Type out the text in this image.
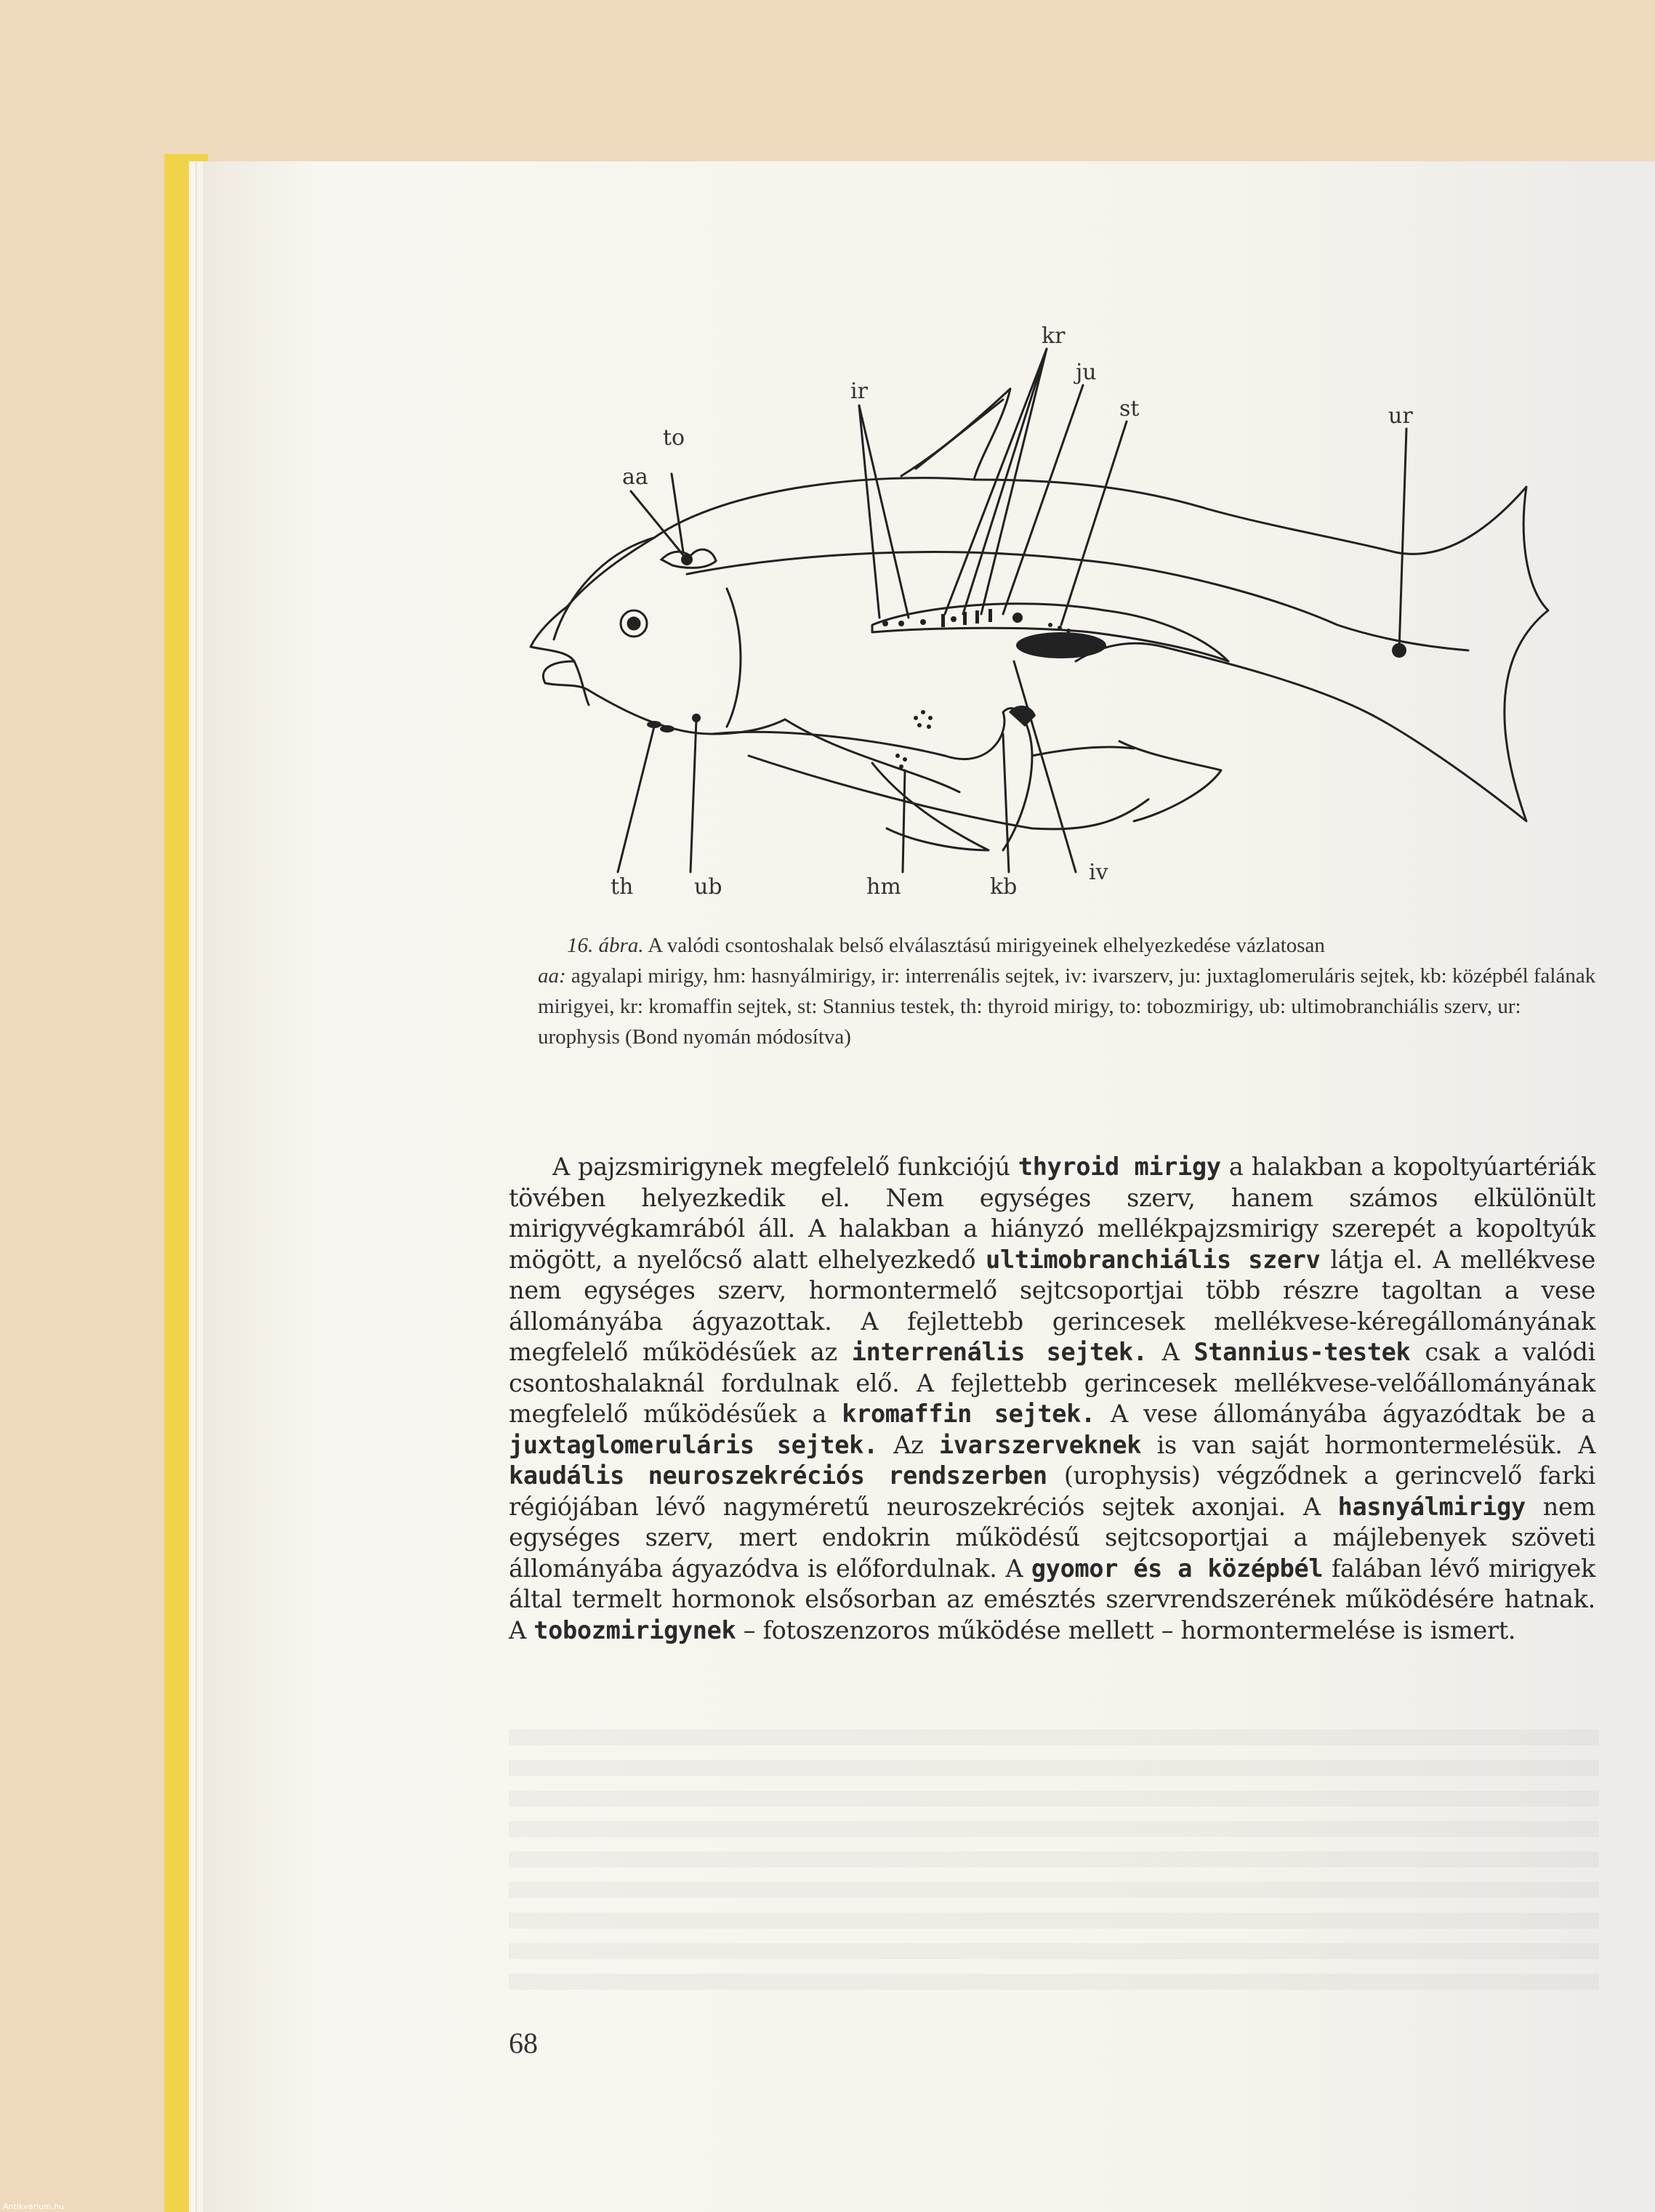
kr
ju
st
ir
ur
to
aa
th	ub	hm	kb
iv
16. ábra. A valódi csontoshalak belső elválasztású mirigyeinek elhelyezkedése vázlatosan
aa: agyalapi mirigy, hm: hasnyálmirigy, ir: interrenális sejtek, iv: ivarszerv, ju: juxtaglomeruláris sejtek, kb: középbél falának mirigyei, kr: kromaffin sejtek, st: Stannius testek, th: thyroid mirigy, to: tobozmirigy, ub: ultimobranchiális szerv, ur: urophysis (Bond nyomán módosítva)

A pajzsmirigynek megfelelő funkciójú thyroid mirigy a halakban a kopoltyúartériák tövében helyezkedik el. Nem egységes szerv, hanem számos elkülönült mirigyvégkamrából áll. A halakban a hiányzó mellékpajzsmirigy szerepét a kopoltyúk mögött, a nyelőcső alatt elhelyezkedő ultimobranchiális szerv látja el. A mellékvese nem egységes szerv, hormontermelő sejtcsoportjai több részre tagoltan a vese állományába ágyazottak. A fejlettebb gerincesek mellékvese-kéregállományának megfelelő működésűek az interrenális sejtek. A Stannius-testek csak a valódi csontoshalaknál fordulnak elő. A fejlettebb gerincesek mellékvese-velőállományának megfelelő működésűek a kromaffin sejtek. A vese állományába ágyazódtak be a juxtaglomeruláris sejtek. Az ivarszerveknek is van saját hormontermelésük. A kaudális neuroszekréciós rendszerben (urophysis) végződnek a gerincvelő farki régiójában lévő nagyméretű neuroszekréciós sejtek axonjai. A hasnyálmirigy nem egységes szerv, mert endokrin működésű sejtcsoportjai a májlebenyek szöveti állományába ágyazódva is előfordulnak. A gyomor és a középbél falában lévő mirigyek által termelt hormonok elsősorban az emésztés szervrendszerének működésére hatnak. A tobozmirigynek – fotoszenzoros működése mellett – hormontermelése is ismert.

68
Antikvarium.hu
